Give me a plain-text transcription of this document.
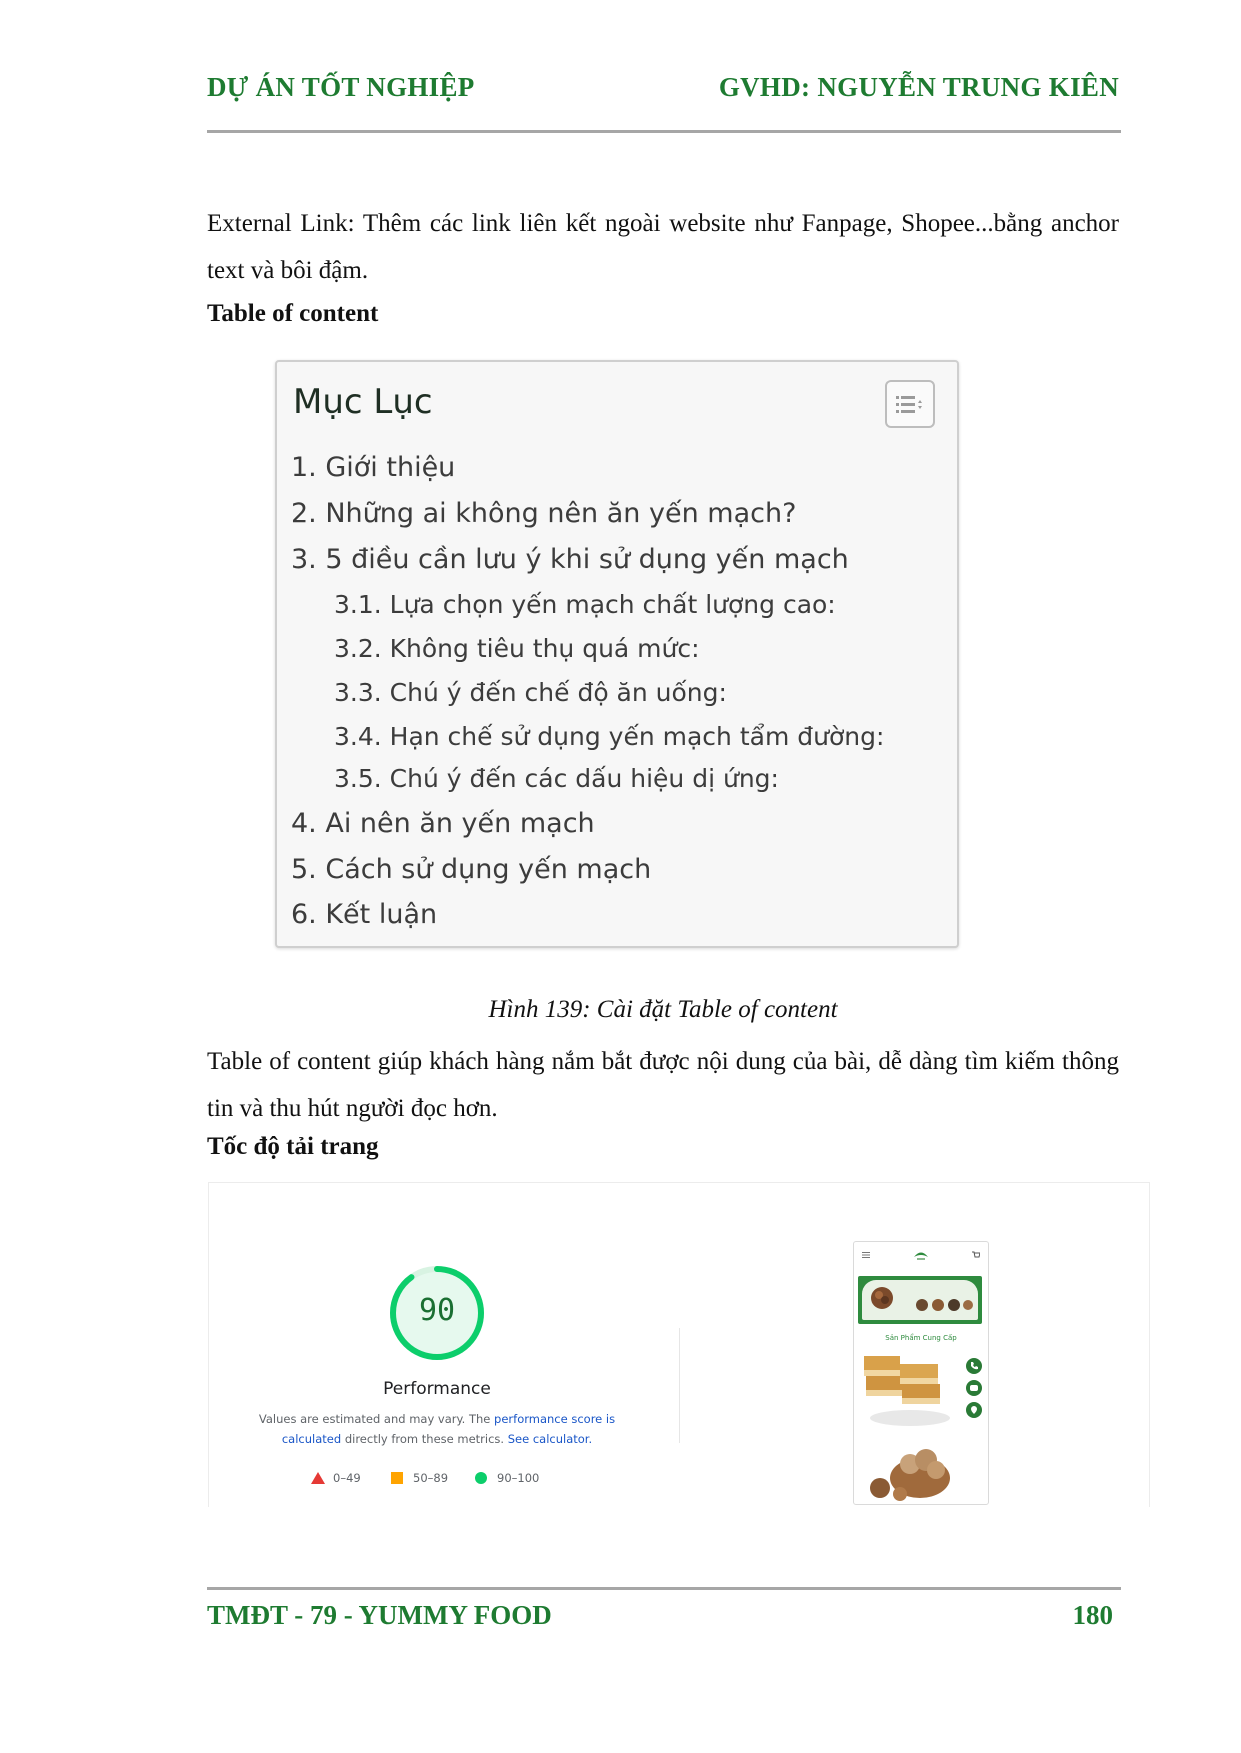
DỰ ÁN TỐT NGHIỆP	GVHD: NGUYỄN TRUNG KIÊN
External Link: Thêm các link liên kết ngoài website như Fanpage, Shopee...bằng anchor text và bôi đậm.
Table of content
Mục Lục
1. Giới thiệu
2. Những ai không nên ăn yến mạch?
3. 5 điều cần lưu ý khi sử dụng yến mạch
3.1. Lựa chọn yến mạch chất lượng cao:
3.2. Không tiêu thụ quá mức:
3.3. Chú ý đến chế độ ăn uống:
3.4. Hạn chế sử dụng yến mạch tẩm đường:
3.5. Chú ý đến các dấu hiệu dị ứng:
4. Ai nên ăn yến mạch
5. Cách sử dụng yến mạch
6. Kết luận
Hình 139: Cài đặt Table of content
Table of content giúp khách hàng nắm bắt được nội dung của bài, dễ dàng tìm kiếm thông tin và thu hút người đọc hơn.
Tốc độ tải trang
90
Performance
Values are estimated and may vary. The performance score is calculated directly from these metrics. See calculator.
0–49	50–89	90–100
Sản Phẩm Cung Cấp
TMĐT - 79 - YUMMY FOOD	180
